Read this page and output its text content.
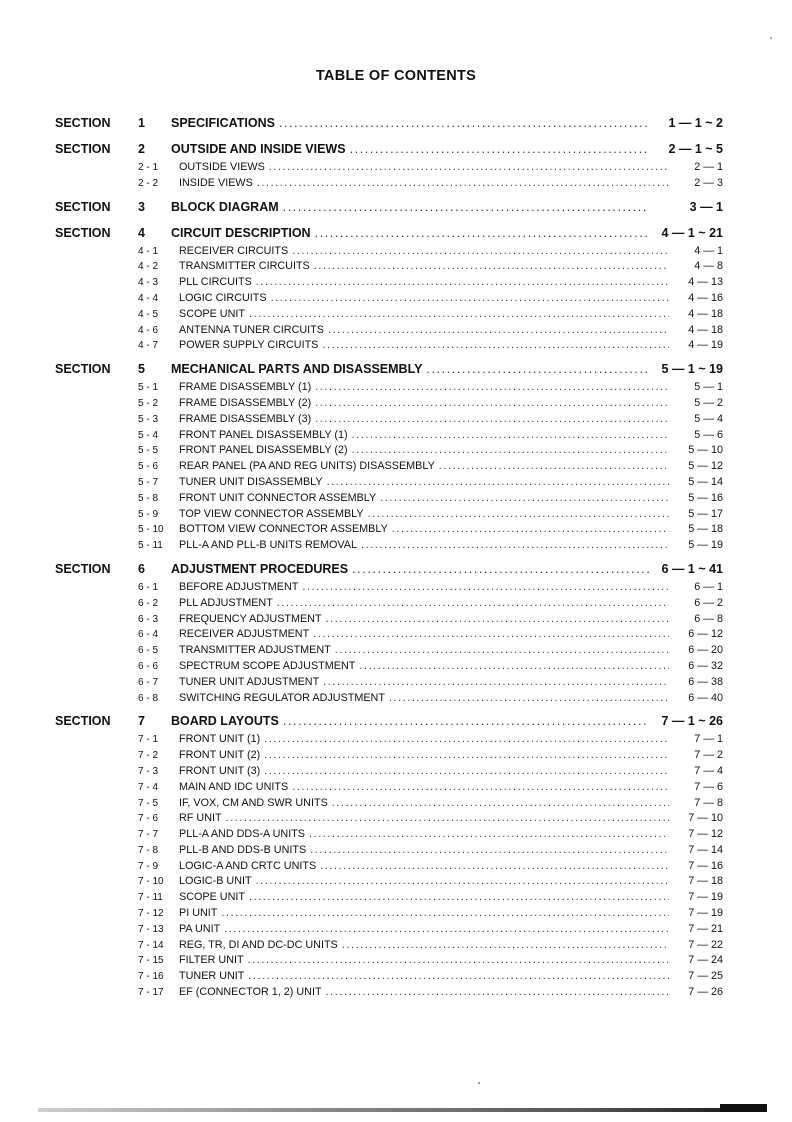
'
TABLE OF CONTENTS
SECTION	1	SPECIFICATIONS .....	1 — 1 ~ 2
SECTION	2	OUTSIDE AND INSIDE VIEWS .....	2 — 1 ~ 5
2 - 1	OUTSIDE VIEWS .....	2 — 1
2 - 2	INSIDE VIEWS .....	2 — 3
SECTION	3	BLOCK DIAGRAM .....	3 — 1
SECTION	4	CIRCUIT DESCRIPTION .....	4 — 1 ~ 21
4 - 1	RECEIVER CIRCUITS .....	4 — 1
4 - 2	TRANSMITTER CIRCUITS .....	4 — 8
4 - 3	PLL CIRCUITS .....	4 — 13
4 - 4	LOGIC CIRCUITS .....	4 — 16
4 - 5	SCOPE UNIT .....	4 — 18
4 - 6	ANTENNA TUNER CIRCUITS .....	4 — 18
4 - 7	POWER SUPPLY CIRCUITS .....	4 — 19
SECTION	5	MECHANICAL PARTS AND DISASSEMBLY .....	5 — 1 ~ 19
5 - 1	FRAME DISASSEMBLY (1) .....	5 — 1
5 - 2	FRAME DISASSEMBLY (2) .....	5 — 2
5 - 3	FRAME DISASSEMBLY (3) .....	5 — 4
5 - 4	FRONT PANEL DISASSEMBLY (1) .....	5 — 6
5 - 5	FRONT PANEL DISASSEMBLY (2) .....	5 — 10
5 - 6	REAR PANEL (PA AND REG UNITS) DISASSEMBLY .....	5 — 12
5 - 7	TUNER UNIT DISASSEMBLY .....	5 — 14
5 - 8	FRONT UNIT CONNECTOR ASSEMBLY .....	5 — 16
5 - 9	TOP VIEW CONNECTOR ASSEMBLY .....	5 — 17
5 - 10	BOTTOM VIEW CONNECTOR ASSEMBLY .....	5 — 18
5 - 11	PLL-A AND PLL-B UNITS REMOVAL .....	5 — 19
SECTION	6	ADJUSTMENT PROCEDURES .....	6 — 1 ~ 41
6 - 1	BEFORE ADJUSTMENT .....	6 — 1
6 - 2	PLL ADJUSTMENT .....	6 — 2
6 - 3	FREQUENCY ADJUSTMENT .....	6 — 8
6 - 4	RECEIVER ADJUSTMENT .....	6 — 12
6 - 5	TRANSMITTER ADJUSTMENT .....	6 — 20
6 - 6	SPECTRUM SCOPE ADJUSTMENT .....	6 — 32
6 - 7	TUNER UNIT ADJUSTMENT .....	6 — 38
6 - 8	SWITCHING REGULATOR ADJUSTMENT .....	6 — 40
SECTION	7	BOARD LAYOUTS .....	7 — 1 ~ 26
7 - 1	FRONT UNIT (1) .....	7 — 1
7 - 2	FRONT UNIT (2) .....	7 — 2
7 - 3	FRONT UNIT (3) .....	7 — 4
7 - 4	MAIN AND IDC UNITS .....	7 — 6
7 - 5	IF, VOX, CM AND SWR UNITS .....	7 — 8
7 - 6	RF UNIT .....	7 — 10
7 - 7	PLL-A AND DDS-A UNITS .....	7 — 12
7 - 8	PLL-B AND DDS-B UNITS .....	7 — 14
7 - 9	LOGIC-A AND CRTC UNITS .....	7 — 16
7 - 10	LOGIC-B UNIT .....	7 — 18
7 - 11	SCOPE UNIT .....	7 — 19
7 - 12	PI UNIT .....	7 — 19
7 - 13	PA UNIT .....	7 — 21
7 - 14	REG, TR, DI AND DC-DC UNITS .....	7 — 22
7 - 15	FILTER UNIT .....	7 — 24
7 - 16	TUNER UNIT .....	7 — 25
7 - 17	EF (CONNECTOR 1, 2) UNIT .....	7 — 26
